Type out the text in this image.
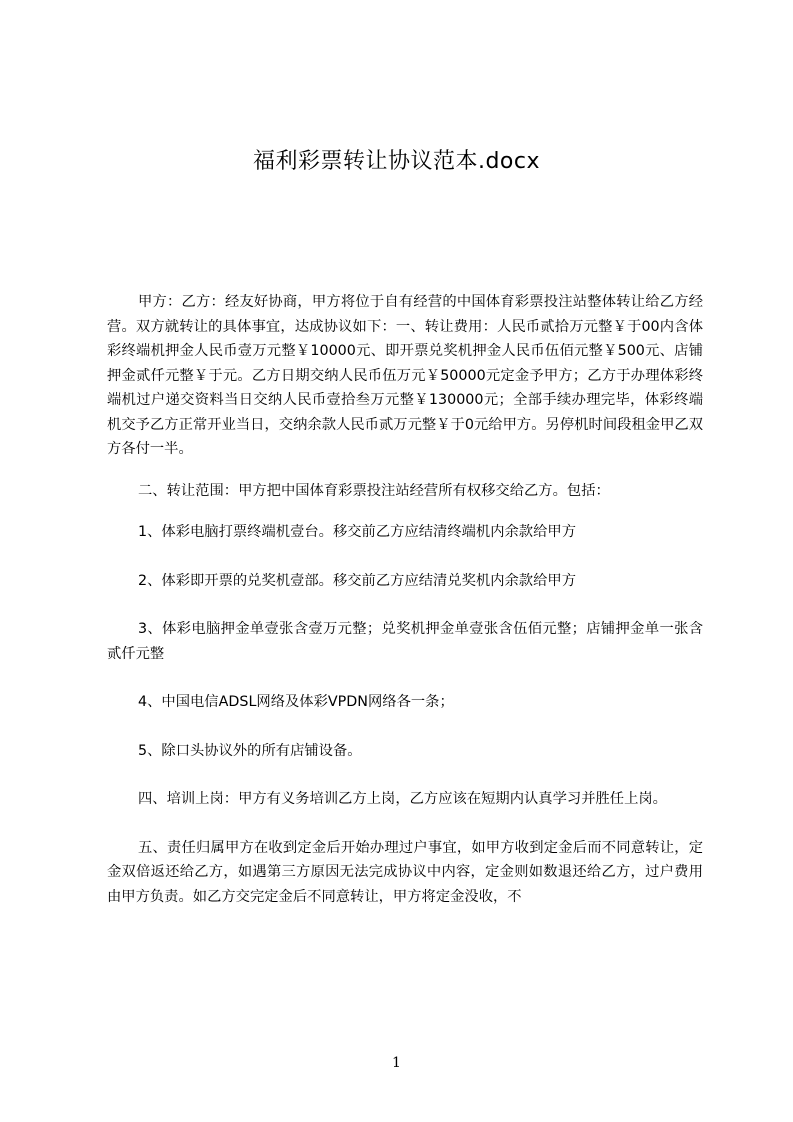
福利彩票转让协议范本.docx

甲方：乙方：经友好协商，甲方将位于自有经营的中国体育彩票投注站整体转让给乙方经营。双方就转让的具体事宜，达成协议如下：一、转让费用：人民币贰拾万元整￥于00内含体彩终端机押金人民币壹万元整￥10000元、即开票兑奖机押金人民币伍佰元整￥500元、店铺押金贰仟元整￥于元。乙方日期交纳人民币伍万元￥50000元定金予甲方；乙方于办理体彩终端机过户递交资料当日交纳人民币壹拾叁万元整￥130000元；全部手续办理完毕，体彩终端机交予乙方正常开业当日，交纳余款人民币贰万元整￥于0元给甲方。另停机时间段租金甲乙双方各付一半。

二、转让范围：甲方把中国体育彩票投注站经营所有权移交给乙方。包括：

1、体彩电脑打票终端机壹台。移交前乙方应结清终端机内余款给甲方

2、体彩即开票的兑奖机壹部。移交前乙方应结清兑奖机内余款给甲方

3、体彩电脑押金单壹张含壹万元整；兑奖机押金单壹张含伍佰元整；店铺押金单一张含贰仟元整

4、中国电信ADSL网络及体彩VPDN网络各一条；

5、除口头协议外的所有店铺设备。

四、培训上岗：甲方有义务培训乙方上岗，乙方应该在短期内认真学习并胜任上岗。

五、责任归属甲方在收到定金后开始办理过户事宜，如甲方收到定金后而不同意转让，定金双倍返还给乙方，如遇第三方原因无法完成协议中内容，定金则如数退还给乙方，过户费用由甲方负责。如乙方交完定金后不同意转让，甲方将定金没收，不

1
